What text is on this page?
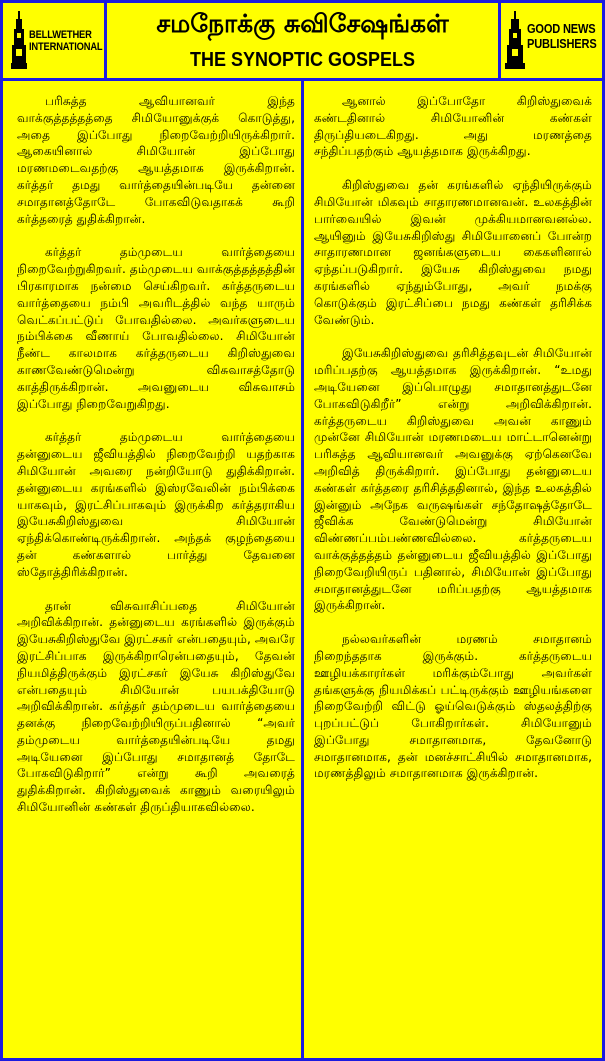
BELLWETHER
INTERNATIONAL
சமநோக்கு சுவிசேஷங்கள்
THE SYNOPTIC GOSPELS
GOOD NEWS
PUBLISHERS

பரிசுத்த ஆவியானவர் இந்த வாக்குத்தத்தத்தை சிமியோனுக்குக் கொடுத்து, அதை இப்போது நிறைவேற்றியிருக்கிறார். ஆகையினால் சிமியோன் இப்போது மரணமடைவதற்கு ஆயத்தமாக இருக்கிறான். கர்த்தர் தமது வார்த்தையின்படியே தன்னை சமாதானத்தோடே போகவிடுவதாகக் கூறி கர்த்தரைத் துதிக்கிறான்.

கர்த்தர் தம்முடைய வார்த்தையை நிறைவேற்றுகிறவர். தம்முடைய வாக்குத்தத்தத்தின் பிரகாரமாக நன்மை செய்கிறவர். கர்த்தருடைய வார்த்தையை நம்பி அவரிடத்தில் வந்த யாரும் வெட்கப்பட்டுப் போவதில்லை. அவர்களுடைய நம்பிக்கை வீணாய் போவதில்லை. சிமியோன் நீண்ட காலமாக கர்த்தருடைய கிறிஸ்துவை காணவேண்டுமென்று விசுவாசத்தோடு காத்திருக்கிறான். அவனுடைய விசுவாசம் இப்போது நிறைவேறுகிறது.

கர்த்தர் தம்முடைய வார்த்தையை தன்னுடைய ஜீவியத்தில் நிறைவேற்றி யதற்காக சிமியோன் அவரை நன்றியோடு துதிக்கிறான். தன்னுடைய கரங்களில் இஸ்ரவேலின் நம்பிக்கை யாகவும், இரட்சிப்பாகவும் இருக்கிற கர்த்தராகிய இயேசுகிறிஸ்துவை சிமியோன் ஏந்திக்கொண்டிருக்கிறான். அந்தக் குழந்தையை தன் கண்களால் பார்த்து தேவனை ஸ்தோத்திரிக்கிறான்.

தான் விசுவாசிப்பதை சிமியோன் அறிவிக்கிறான். தன்னுடைய கரங்களில் இருக்கும் இயேசுகிறிஸ்துவே இரட்சகர் என்பதையும், அவரே இரட்சிப்பாக இருக்கிறாரென்பதையும், தேவன் நியமித்திருக்கும் இரட்சகர் இயேசு கிறிஸ்துவே என்பதையும் சிமியோன் பயபக்தியோடு அறிவிக்கிறான். கர்த்தர் தம்முடைய வார்த்தையை தனக்கு நிறைவேற்றியிருப்பதினால் “அவர் தம்முடைய வார்த்தையின்படியே தமது அடியேனை இப்போது சமாதானத் தோடே போகவிடுகிறார்” என்று கூறி அவரைத் துதிக்கிறான். கிறிஸ்துவைக் காணும் வரையிலும் சிமியோனின் கண்கள் திருப்தியாகவில்லை.

ஆனால் இப்போதோ கிறிஸ்துவைக் கண்டதினால் சிமியோனின் கண்கள் திருப்தியடைகிறது. அது மரணத்தை சந்திப்பதற்கும் ஆயத்தமாக இருக்கிறது.

கிறிஸ்துவை தன் கரங்களில் ஏந்தியிருக்கும் சிமியோன் மிகவும் சாதாரணமானவன். உலகத்தின் பார்வையில் இவன் முக்கியமானவனல்ல. ஆயினும் இயேசுகிறிஸ்து சிமியோனைப் போன்ற சாதாரணமான ஜனங்களுடைய கைகளினால் ஏந்தப்படுகிறார். இயேசு கிறிஸ்துவை நமது கரங்களில் ஏந்தும்போது, அவர் நமக்கு கொடுக்கும் இரட்சிப்பை நமது கண்கள் தரிசிக்க வேண்டும்.

இயேசுகிறிஸ்துவை தரிசித்தவுடன் சிமியோன் மரிப்பதற்கு ஆயத்தமாக இருக்கிறான். “உமது அடியேனை இப்பொழுது சமாதானத்துடனே போகவிடுகிறீர்” என்று அறிவிக்கிறான். கர்த்தருடைய கிறிஸ்துவை அவன் காணும் முன்னே சிமியோன் மரணமடைய மாட்டானென்று பரிசுத்த ஆவியானவர் அவனுக்கு ஏற்கெனவே அறிவித் திருக்கிறார். இப்போது தன்னுடைய கண்கள் கர்த்தரை தரிசித்ததினால், இந்த உலகத்தில் இன்னும் அநேக வருஷங்கள் சந்தோஷத்தோடே ஜீவிக்க வேண்டுமென்று சிமியோன் விண்ணப்பம்பண்ணவில்லை. கர்த்தருடைய வாக்குத்தத்தம் தன்னுடைய ஜீவியத்தில் இப்போது நிறைவேறியிருப் பதினால், சிமியோன் இப்போது சமாதானத்துடனே மரிப்பதற்கு ஆயத்தமாக இருக்கிறான்.

நல்லவர்களின் மரணம் சமாதானம் நிறைந்ததாக இருக்கும். கர்த்தருடைய ஊழியக்காரர்கள் மரிக்கும்போது அவர்கள் தங்களுக்கு நியமிக்கப் பட்டிருக்கும் ஊழியங்களை நிறைவேற்றி விட்டு ஓய்வெடுக்கும் ஸ்தலத்திற்கு புறப்பட்டுப் போகிறார்கள். சிமியோனும் இப்போது சமாதானமாக, தேவனோடு சமாதானமாக, தன் மனச்சாட்சியில் சமாதானமாக, மரணத்திலும் சமாதானமாக இருக்கிறான்.
